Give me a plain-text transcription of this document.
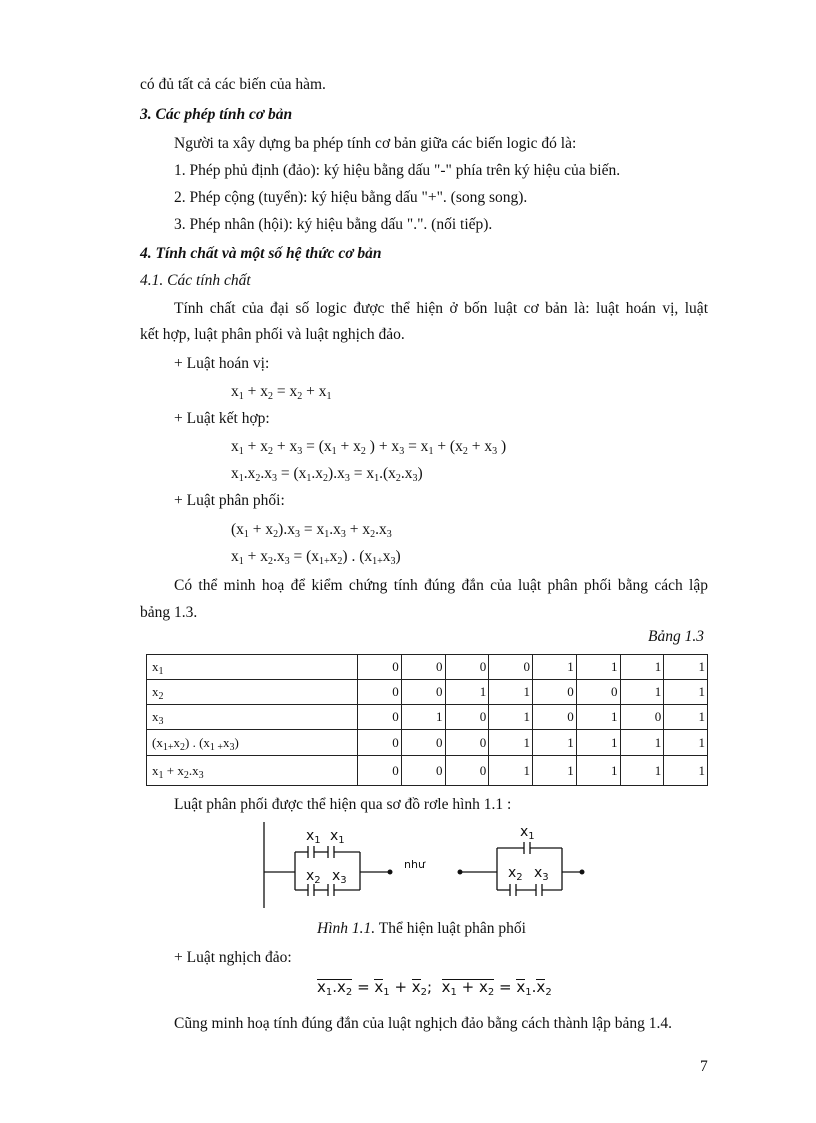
có đủ tất cả các biến của hàm.
3. Các phép tính cơ bản
Người ta xây dựng ba phép tính cơ bản giữa các biến logic đó là:
1. Phép phủ định (đảo): ký hiệu bằng dấu "-" phía trên ký hiệu của biến.
2. Phép cộng (tuyển): ký hiệu bằng dấu "+". (song song).
3. Phép nhân (hội): ký hiệu bằng dấu ".". (nối tiếp).
4. Tính chất và một số hệ thức cơ bản
4.1. Các tính chất
Tính chất của đại số logic được thể hiện ở bốn luật cơ bản là: luật hoán vị, luật
kết hợp, luật phân phối và luật nghịch đảo.
+ Luật hoán vị:
$x_1 + x_2 = x_2 + x_1$
+ Luật kết hợp:
$x_1 + x_2 + x_3 = (x_1 + x_2$ ) + $x_3 = x_1 + (x_2 + x_3$ )
$x_1.x_2.x_3 = (x_1.x_2).x_3 = x_1.(x_2.x_3)$
+ Luật phân phối:
$(x_1 + x_2).x_3 = x_1.x_3 + x_2.x_3$
$x_1 + x_2.x_3 = (x_{1+}x_2)$ . $(x_{1+}x_3)$
Có thể minh hoạ để kiểm chứng tính đúng đắn của luật phân phối bằng cách lập
bảng 1.3.
Bảng 1.3
$x_1$	0	0	0	0	1	1	1	1
$x_2$	0	0	1	1	0	0	1	1
$x_3$	0	1	0	1	0	1	0	1
$(x_{1+}x_2)$ . $(x_{1 +}x_3)$	0	0	0	1	1	1	1	1
$x_1 + x_2.x_3$	0	0	0	1	1	1	1	1
Luật phân phối được thể hiện qua sơ đồ rơle hình 1.1 :
$x_1$ $x_1$
$x_2$ $x_3$
$x_1$
$x_2$ $x_3$
như
Hình 1.1. Thể hiện luật phân phối
+ Luật nghịch đảo:
$x_1.x_2 = x_1 + x_2$;  $x_1 + x_2 = x_1.x_2$
Cũng minh hoạ tính đúng đắn của luật nghịch đảo bằng cách thành lập bảng 1.4.
7
